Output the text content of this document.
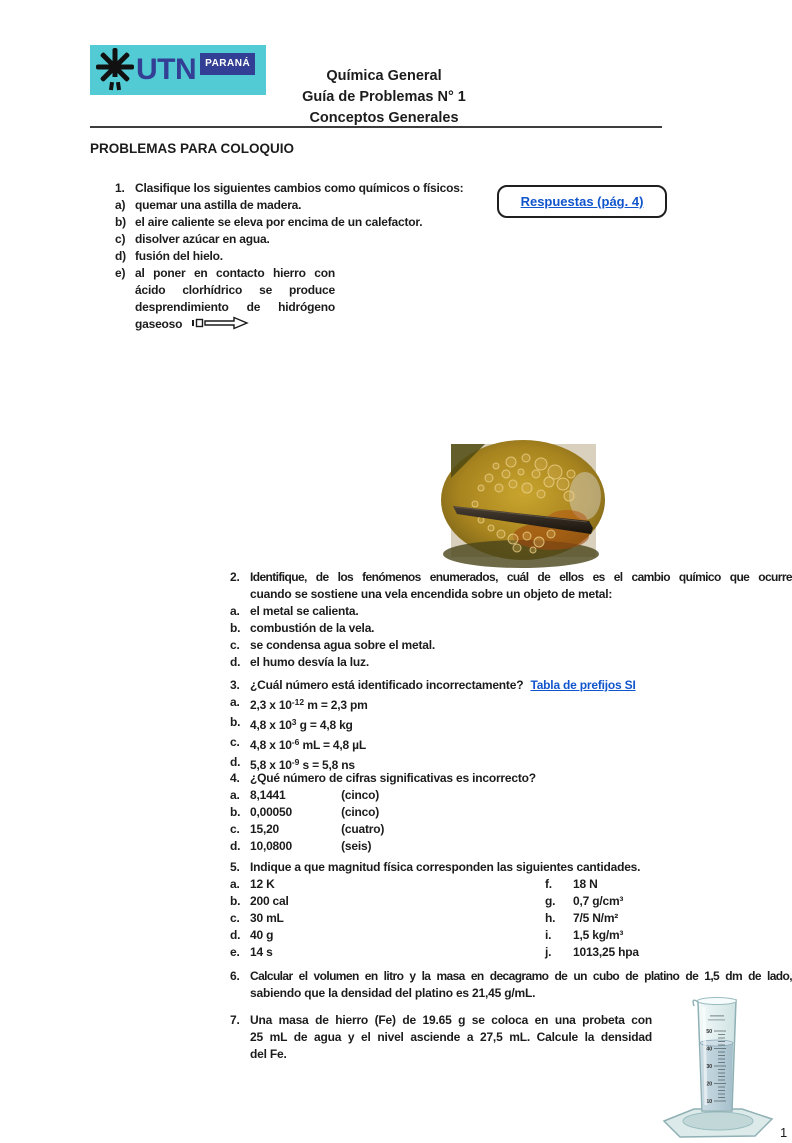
UTN PARANÁ
Química General
Guía de Problemas N° 1
Conceptos Generales
PROBLEMAS PARA COLOQUIO
Respuestas (pág. 4)
1. Clasifique los siguientes cambios como químicos o físicos:
a) quemar una astilla de madera.
b) el aire caliente se eleva por encima de un calefactor.
c) disolver azúcar en agua.
d) fusión del hielo.
e) al poner en contacto hierro con
ácido clorhídrico se produce
desprendimiento de hidrógeno
gaseoso
2. Identifique, de los fenómenos enumerados, cuál de ellos es el cambio químico que ocurre
cuando se sostiene una vela encendida sobre un objeto de metal:
a. el metal se calienta.
b. combustión de la vela.
c. se condensa agua sobre el metal.
d. el humo desvía la luz.
3. ¿Cuál número está identificado incorrectamente? Tabla de prefijos SI
a. 2,3 x $10^{-12}$ m = 2,3 pm
b. 4,8 x $10^3$ g = 4,8 kg
c. 4,8 x $10^{-6}$ mL = 4,8 µL
d. 5,8 x $10^{-9}$ s = 5,8 ns
4. ¿Qué número de cifras significativas es incorrecto?
a. 8,1441	(cinco)
b. 0,00050	(cinco)
c. 15,20	(cuatro)
d. 10,0800	(seis)
5. Indique a que magnitud física corresponden las siguientes cantidades.
a. 12 K
b. 200 cal
c. 30 mL
d. 40 g
e. 14 s
f. 18 N
g. 0,7 g/cm³
h. 7/5 N/m²
i. 1,5 kg/m³
j. 1013,25 hpa
6. Calcular el volumen en litro y la masa en decagramo de un cubo de platino de 1,5 dm de lado,
sabiendo que la densidad del platino es 21,45 g/mL.
7. Una masa de hierro (Fe) de 19.65 g se coloca en una probeta con
25 mL de agua y el nivel asciende a 27,5 mL. Calcule la densidad
del Fe.
50
40
30
20
10
1
